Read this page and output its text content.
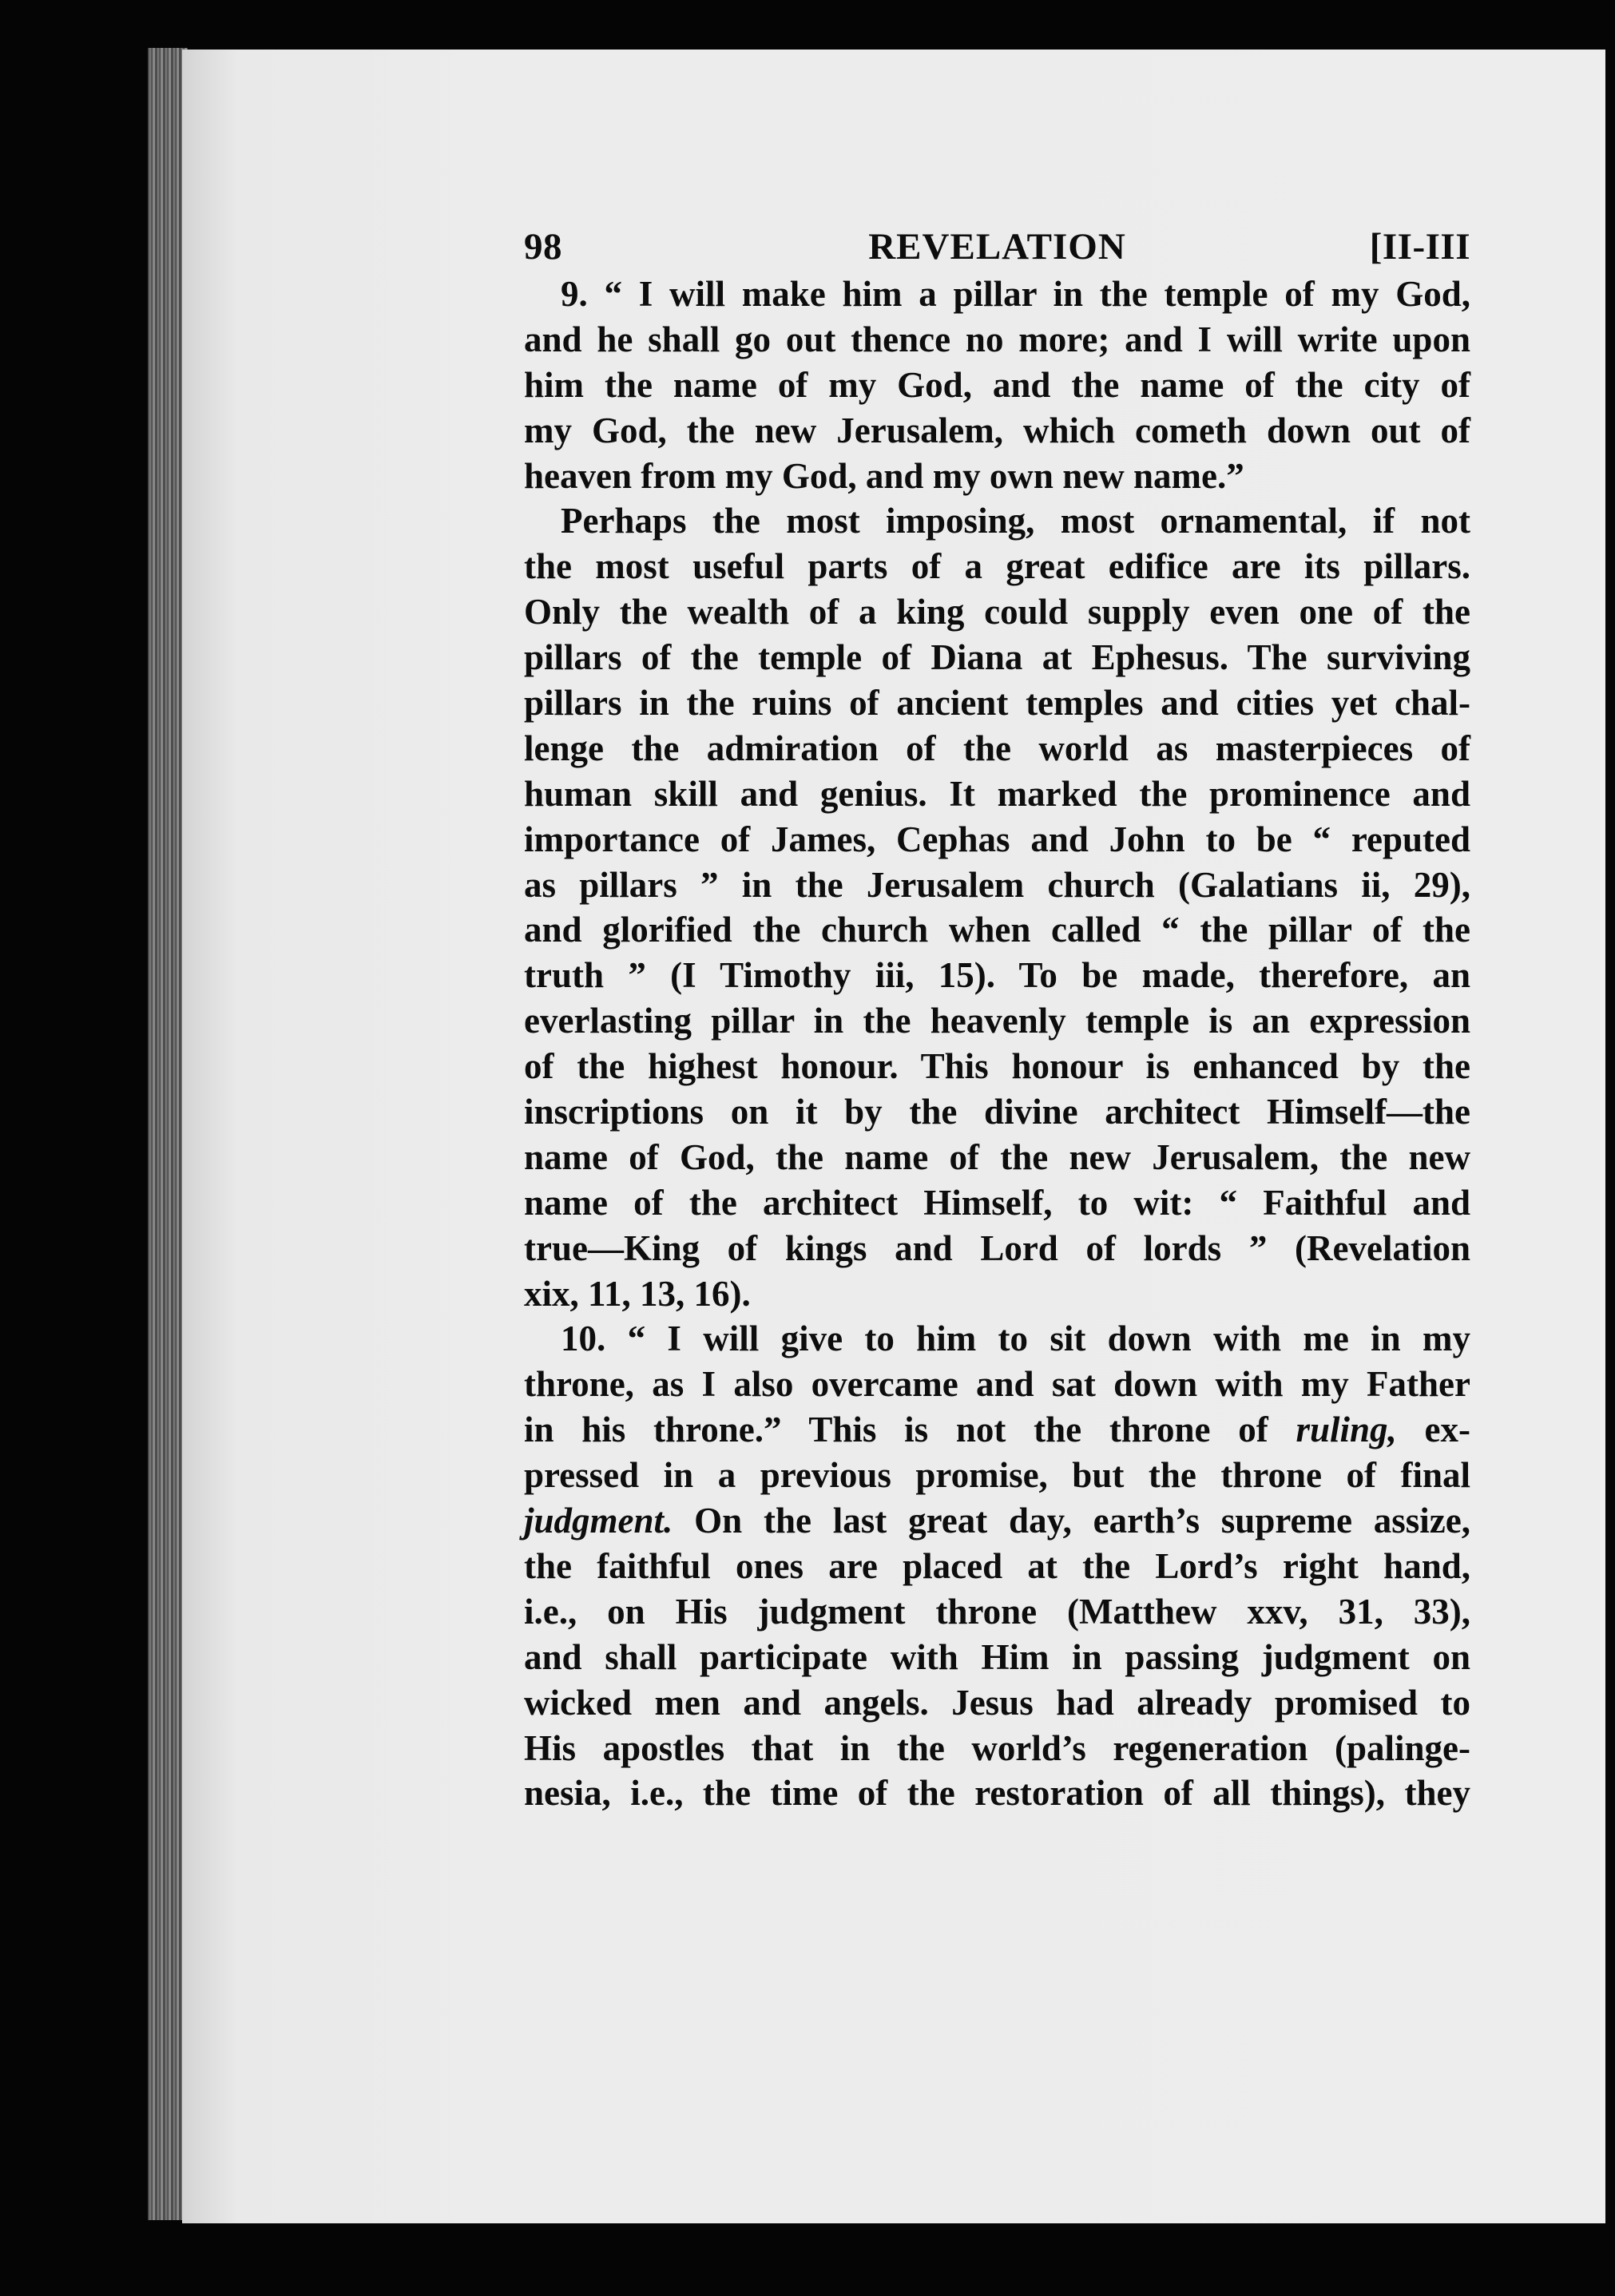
98	REVELATION	[II-III
9. “ I will make him a pillar in the temple of my God,
and he shall go out thence no more; and I will write upon
him the name of my God, and the name of the city of
my God, the new Jerusalem, which cometh down out of
heaven from my God, and my own new name.”
Perhaps the most imposing, most ornamental, if not
the most useful parts of a great edifice are its pillars.
Only the wealth of a king could supply even one of the
pillars of the temple of Diana at Ephesus. The surviving
pillars in the ruins of ancient temples and cities yet chal-
lenge the admiration of the world as masterpieces of
human skill and genius. It marked the prominence and
importance of James, Cephas and John to be “ reputed
as pillars ” in the Jerusalem church (Galatians ii, 29),
and glorified the church when called “ the pillar of the
truth ” (I Timothy iii, 15). To be made, therefore, an
everlasting pillar in the heavenly temple is an expression
of the highest honour. This honour is enhanced by the
inscriptions on it by the divine architect Himself—the
name of God, the name of the new Jerusalem, the new
name of the architect Himself, to wit: “ Faithful and
true—King of kings and Lord of lords ” (Revelation
xix, 11, 13, 16).
10. “ I will give to him to sit down with me in my
throne, as I also overcame and sat down with my Father
in his throne.” This is not the throne of ruling, ex-
pressed in a previous promise, but the throne of final
judgment. On the last great day, earth’s supreme assize,
the faithful ones are placed at the Lord’s right hand,
i.e., on His judgment throne (Matthew xxv, 31, 33),
and shall participate with Him in passing judgment on
wicked men and angels. Jesus had already promised to
His apostles that in the world’s regeneration (palinge-
nesia, i.e., the time of the restoration of all things), they
